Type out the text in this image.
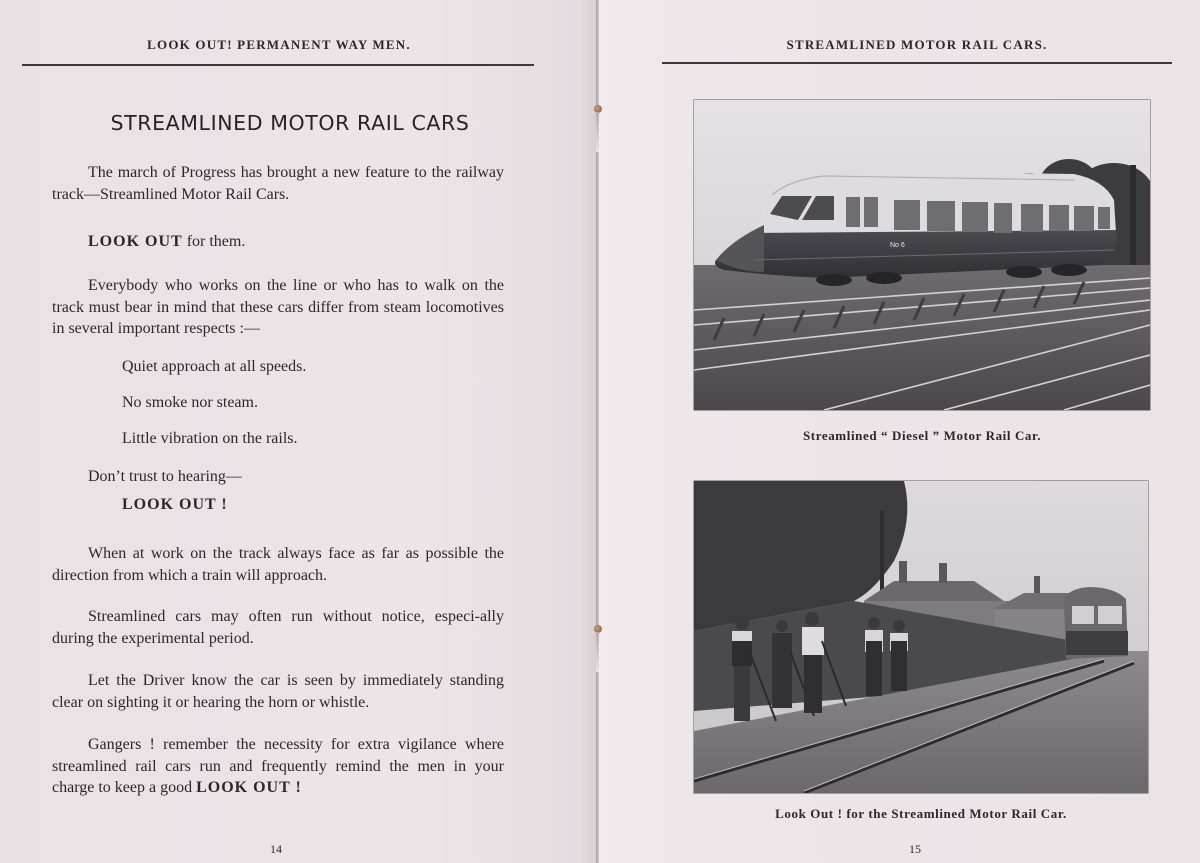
LOOK OUT! PERMANENT WAY MEN.
STREAMLINED MOTOR RAIL CARS

The march of Progress has brought a new feature to the railway track—Streamlined Motor Rail Cars.

LOOK OUT for them.

Everybody who works on the line or who has to walk on the track must bear in mind that these cars differ from steam locomotives in several important respects :—

Quiet approach at all speeds.
No smoke nor steam.
Little vibration on the rails.
Don’t trust to hearing—
LOOK OUT !

When at work on the track always face as far as possible the direction from which a train will approach.

Streamlined cars may often run without notice, especi-ally during the experimental period.

Let the Driver know the car is seen by immediately standing clear on sighting it or hearing the horn or whistle.

Gangers ! remember the necessity for extra vigilance where streamlined rail cars run and frequently remind the men in your charge to keep a good LOOK OUT !

14
STREAMLINED MOTOR RAIL CARS.
No 6
Streamlined “ Diesel ” Motor Rail Car.
Look Out ! for the Streamlined Motor Rail Car.
15
